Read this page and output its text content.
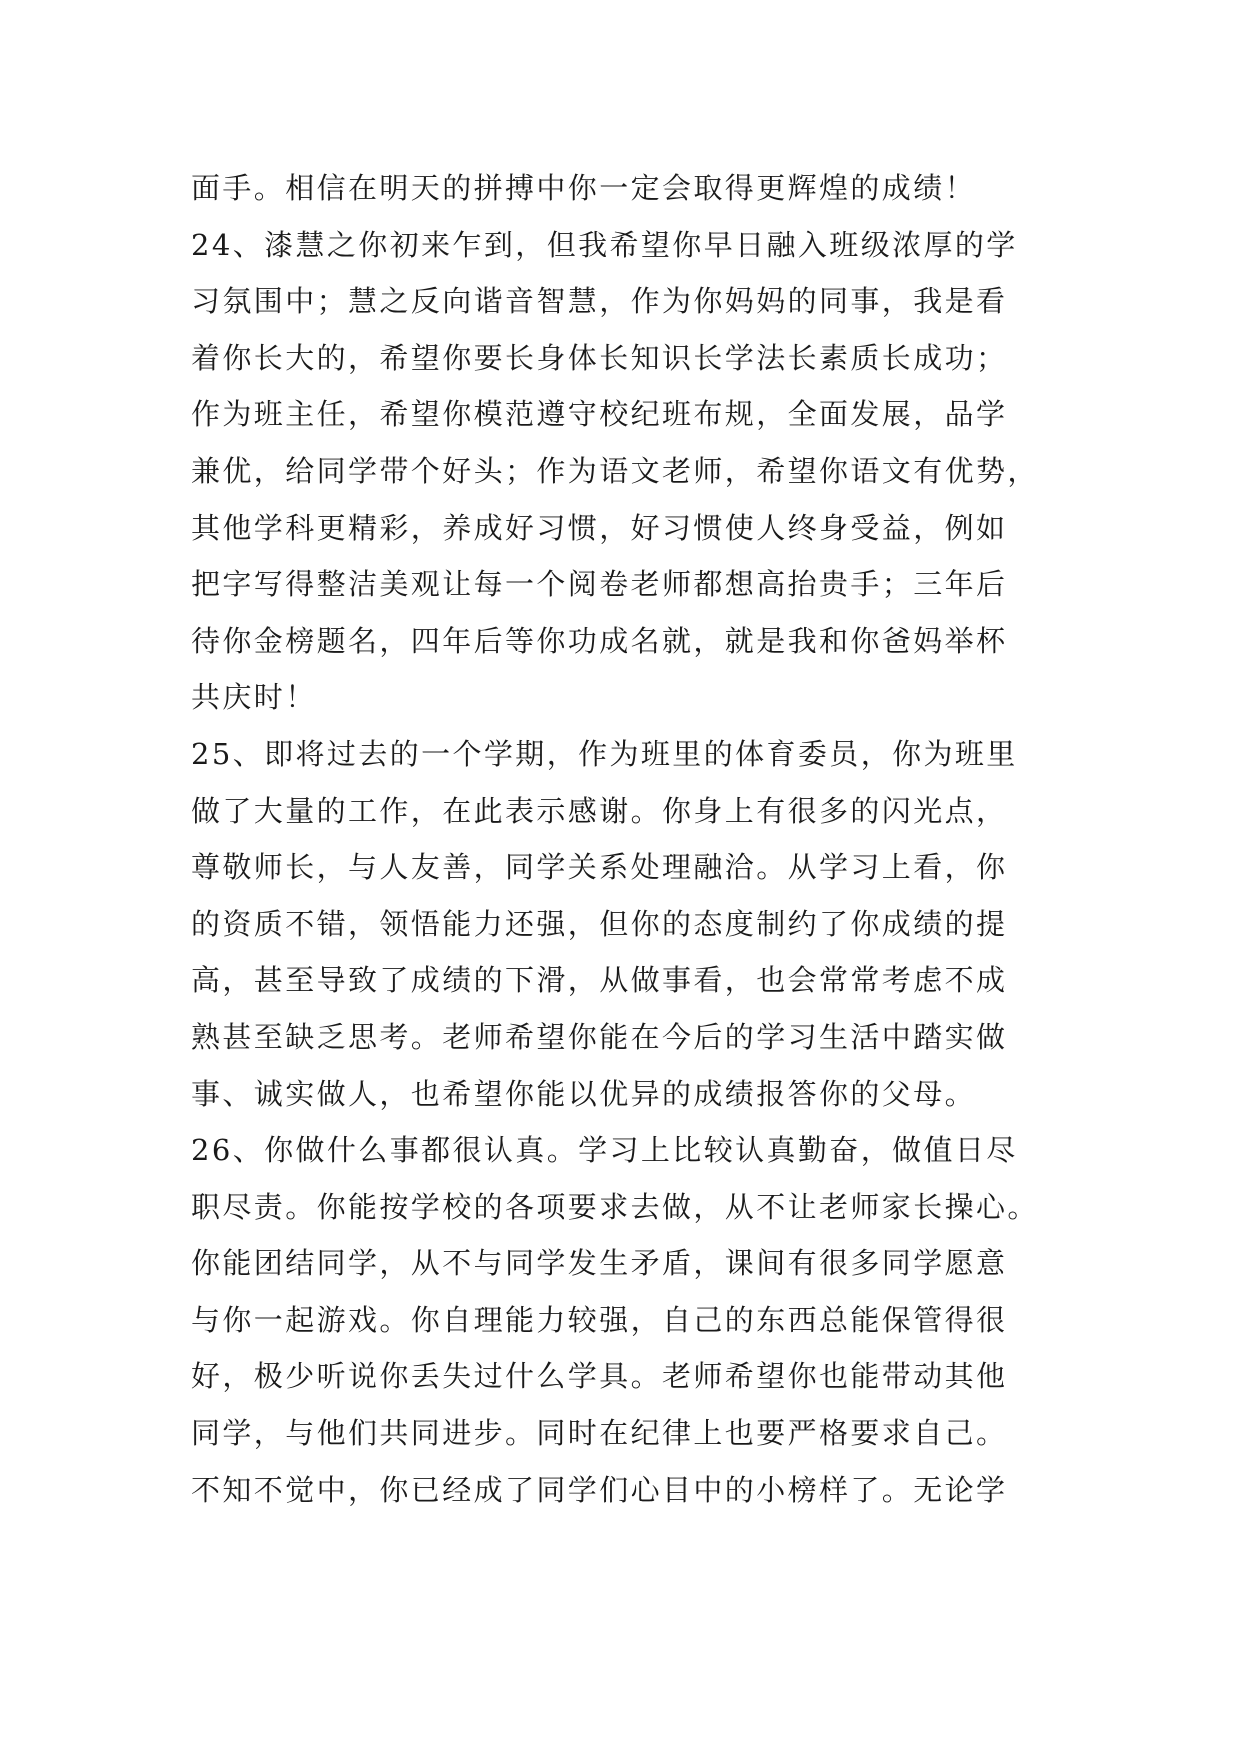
面手。相信在明天的拼搏中你一定会取得更辉煌的成绩！
24、漆慧之你初来乍到，但我希望你早日融入班级浓厚的学
习氛围中；慧之反向谐音智慧，作为你妈妈的同事，我是看
着你长大的，希望你要长身体长知识长学法长素质长成功；
作为班主任，希望你模范遵守校纪班布规，全面发展，品学
兼优，给同学带个好头；作为语文老师，希望你语文有优势，
其他学科更精彩，养成好习惯，好习惯使人终身受益，例如
把字写得整洁美观让每一个阅卷老师都想高抬贵手；三年后
待你金榜题名，四年后等你功成名就，就是我和你爸妈举杯
共庆时！
25、即将过去的一个学期，作为班里的体育委员，你为班里
做了大量的工作，在此表示感谢。你身上有很多的闪光点，
尊敬师长，与人友善，同学关系处理融洽。从学习上看，你
的资质不错，领悟能力还强，但你的态度制约了你成绩的提
高，甚至导致了成绩的下滑，从做事看，也会常常考虑不成
熟甚至缺乏思考。老师希望你能在今后的学习生活中踏实做
事、诚实做人，也希望你能以优异的成绩报答你的父母。
26、你做什么事都很认真。学习上比较认真勤奋，做值日尽
职尽责。你能按学校的各项要求去做，从不让老师家长操心。
你能团结同学，从不与同学发生矛盾，课间有很多同学愿意
与你一起游戏。你自理能力较强，自己的东西总能保管得很
好，极少听说你丢失过什么学具。老师希望你也能带动其他
同学，与他们共同进步。同时在纪律上也要严格要求自己。
不知不觉中，你已经成了同学们心目中的小榜样了。无论学
